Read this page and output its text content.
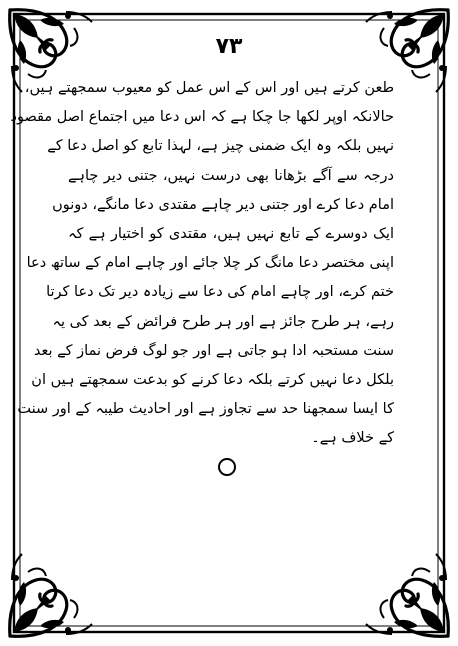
۷۳
طعن کرتے ہیں اور اس کے اس عمل کو معیوب سمجھتے ہیں،
حالانکہ اوپر لکھا جا چکا ہے کہ اس دعا میں اجتماع اصل مقصود
نہیں بلکہ وہ ایک ضمنی چیز ہے، لہذا تابع کو اصل دعا کے
درجہ سے آگے بڑھانا بھی درست نہیں، جتنی دیر چاہے
امام دعا کرے اور جتنی دیر چاہے مقتدی دعا مانگے، دونوں
ایک دوسرے کے تابع نہیں ہیں، مقتدی کو اختیار ہے کہ
اپنی مختصر دعا مانگ کر چلا جائے اور چاہے امام کے ساتھ دعا
ختم کرے، اور چاہے امام کی دعا سے زیادہ دیر تک دعا کرتا
رہے، ہر طرح جائز ہے اور ہر طرح فرائض کے بعد کی یہ
سنت مستحبہ ادا ہو جاتی ہے اور جو لوگ فرض نماز کے بعد
بلکل دعا نہیں کرتے بلکہ دعا کرنے کو بدعت سمجھتے ہیں ان
کا ایسا سمجھنا حد سے تجاوز ہے اور احادیث طیبہ کے اور سنت
کے خلاف ہے۔
